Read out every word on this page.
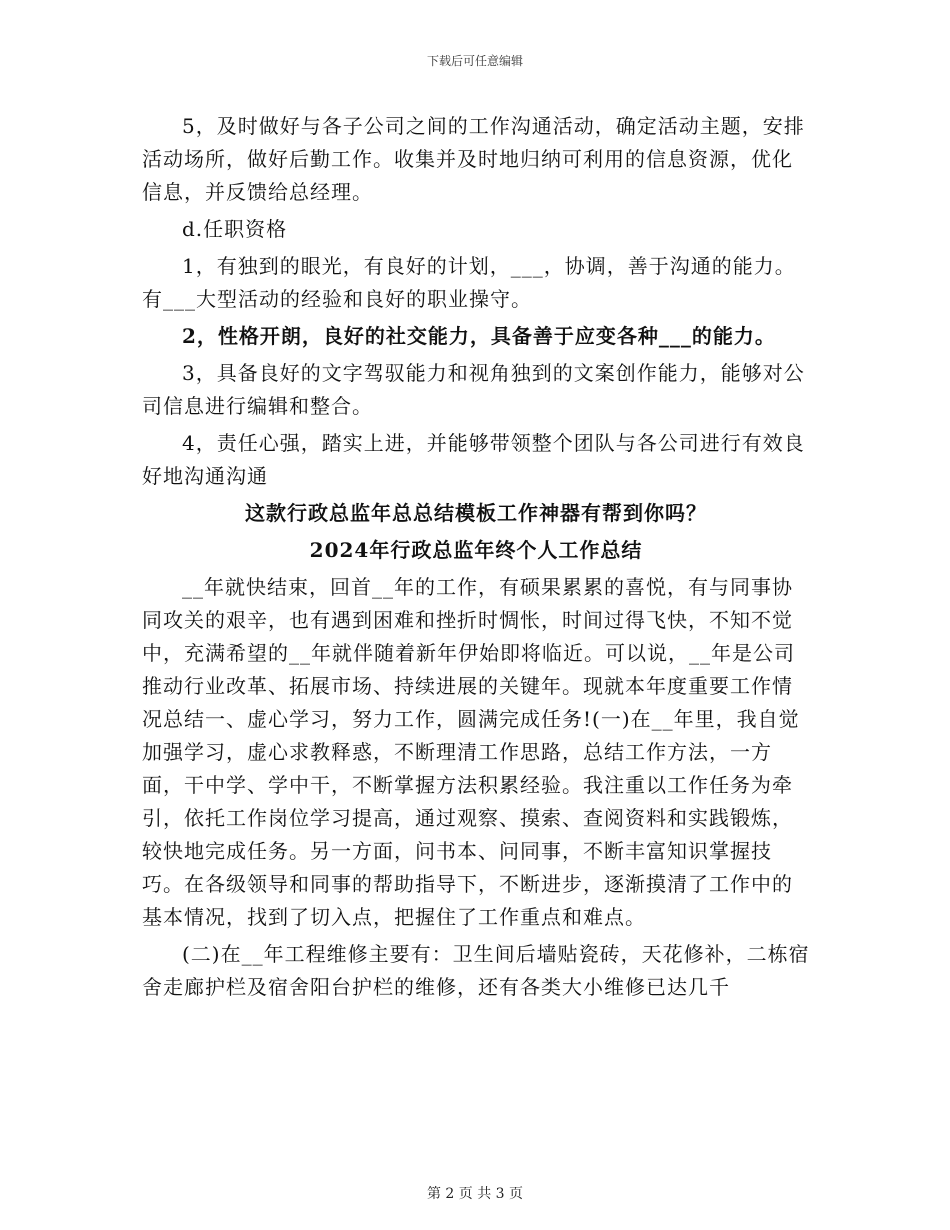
下载后可任意编辑

5，及时做好与各子公司之间的工作沟通活动，确定活动主题，安排活动场所，做好后勤工作。收集并及时地归纳可利用的信息资源，优化信息，并反馈给总经理。

d.任职资格

1，有独到的眼光，有良好的计划，___，协调，善于沟通的能力。有___大型活动的经验和良好的职业操守。

2，性格开朗，良好的社交能力，具备善于应变各种___的能力。

3，具备良好的文字驾驭能力和视角独到的文案创作能力，能够对公司信息进行编辑和整合。

4，责任心强，踏实上进，并能够带领整个团队与各公司进行有效良好地沟通沟通

这款行政总监年总总结模板工作神器有帮到你吗？
2024年行政总监年终个人工作总结

__年就快结束，回首__年的工作，有硕果累累的喜悦，有与同事协同攻关的艰辛，也有遇到困难和挫折时惆怅，时间过得飞快，不知不觉中，充满希望的__年就伴随着新年伊始即将临近。可以说，__年是公司推动行业改革、拓展市场、持续进展的关键年。现就本年度重要工作情况总结一、虚心学习，努力工作，圆满完成任务!(一)在__年里，我自觉加强学习，虚心求教释惑，不断理清工作思路，总结工作方法，一方面，干中学、学中干，不断掌握方法积累经验。我注重以工作任务为牵引，依托工作岗位学习提高，通过观察、摸索、查阅资料和实践锻炼，较快地完成任务。另一方面，问书本、问同事，不断丰富知识掌握技巧。在各级领导和同事的帮助指导下，不断进步，逐渐摸清了工作中的基本情况，找到了切入点，把握住了工作重点和难点。

(二)在__年工程维修主要有：卫生间后墙贴瓷砖，天花修补，二栋宿舍走廊护栏及宿舍阳台护栏的维修，还有各类大小维修已达几千

第 2 页 共 3 页
